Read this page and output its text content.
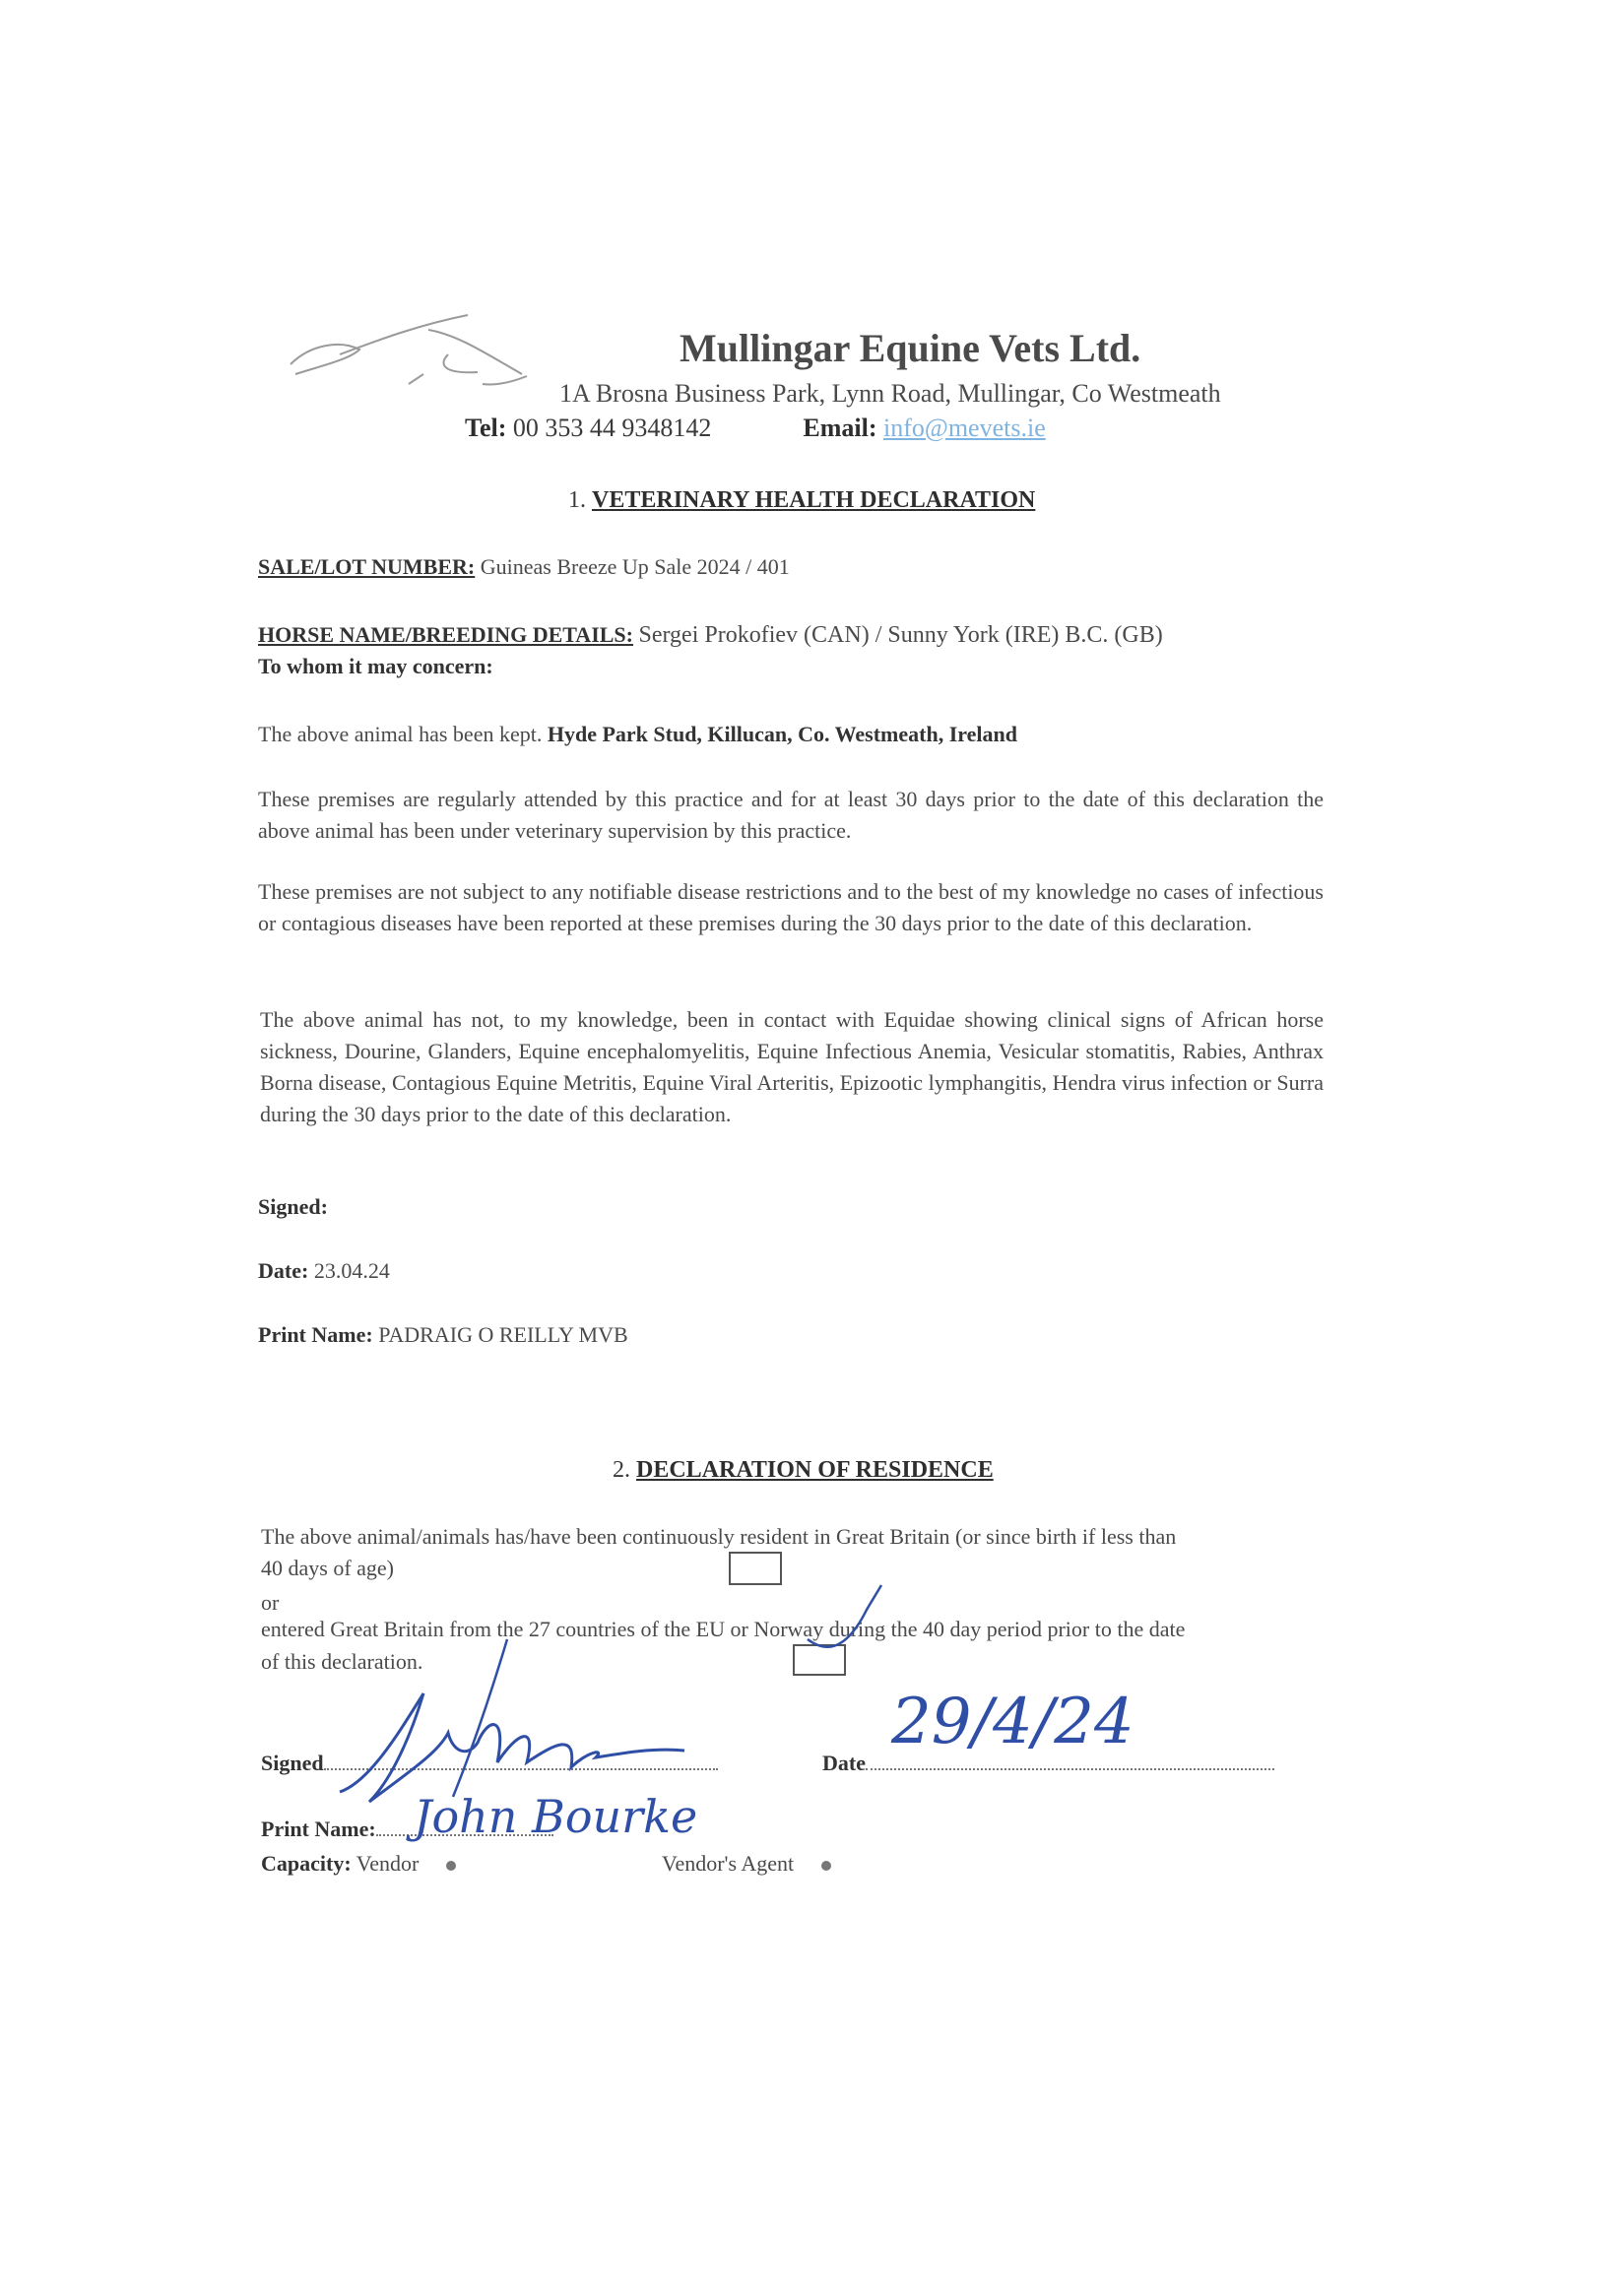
Mullingar Equine Vets Ltd.
1A Brosna Business Park, Lynn Road, Mullingar, Co Westmeath
Tel: 00 353 44 9348142	Email: info@mevets.ie
1. VETERINARY HEALTH DECLARATION
SALE/LOT NUMBER: Guineas Breeze Up Sale 2024 / 401
HORSE NAME/BREEDING DETAILS: Sergei Prokofiev (CAN) / Sunny York (IRE) B.C. (GB)
To whom it may concern:
The above animal has been kept. Hyde Park Stud, Killucan, Co. Westmeath, Ireland
These premises are regularly attended by this practice and for at least 30 days prior to the date of this declaration the above animal has been under veterinary supervision by this practice.
These premises are not subject to any notifiable disease restrictions and to the best of my knowledge no cases of infectious or contagious diseases have been reported at these premises during the 30 days prior to the date of this declaration.
The above animal has not, to my knowledge, been in contact with Equidae showing clinical signs of African horse sickness, Dourine, Glanders, Equine encephalomyelitis, Equine Infectious Anemia, Vesicular stomatitis, Rabies, Anthrax Borna disease, Contagious Equine Metritis, Equine Viral Arteritis, Epizootic lymphangitis, Hendra virus infection or Surra during the 30 days prior to the date of this declaration.
Signed:
Date: 23.04.24
Print Name: PADRAIG O REILLY MVB
2. DECLARATION OF RESIDENCE
The above animal/animals has/have been continuously resident in Great Britain (or since birth if less than
40 days of age)
or
entered Great Britain from the 27 countries of the EU or Norway during the 40 day period prior to the date
of this declaration.
Signed	Date
29/4/24
Print Name: John Bourke
Capacity: Vendor	Vendor's Agent
